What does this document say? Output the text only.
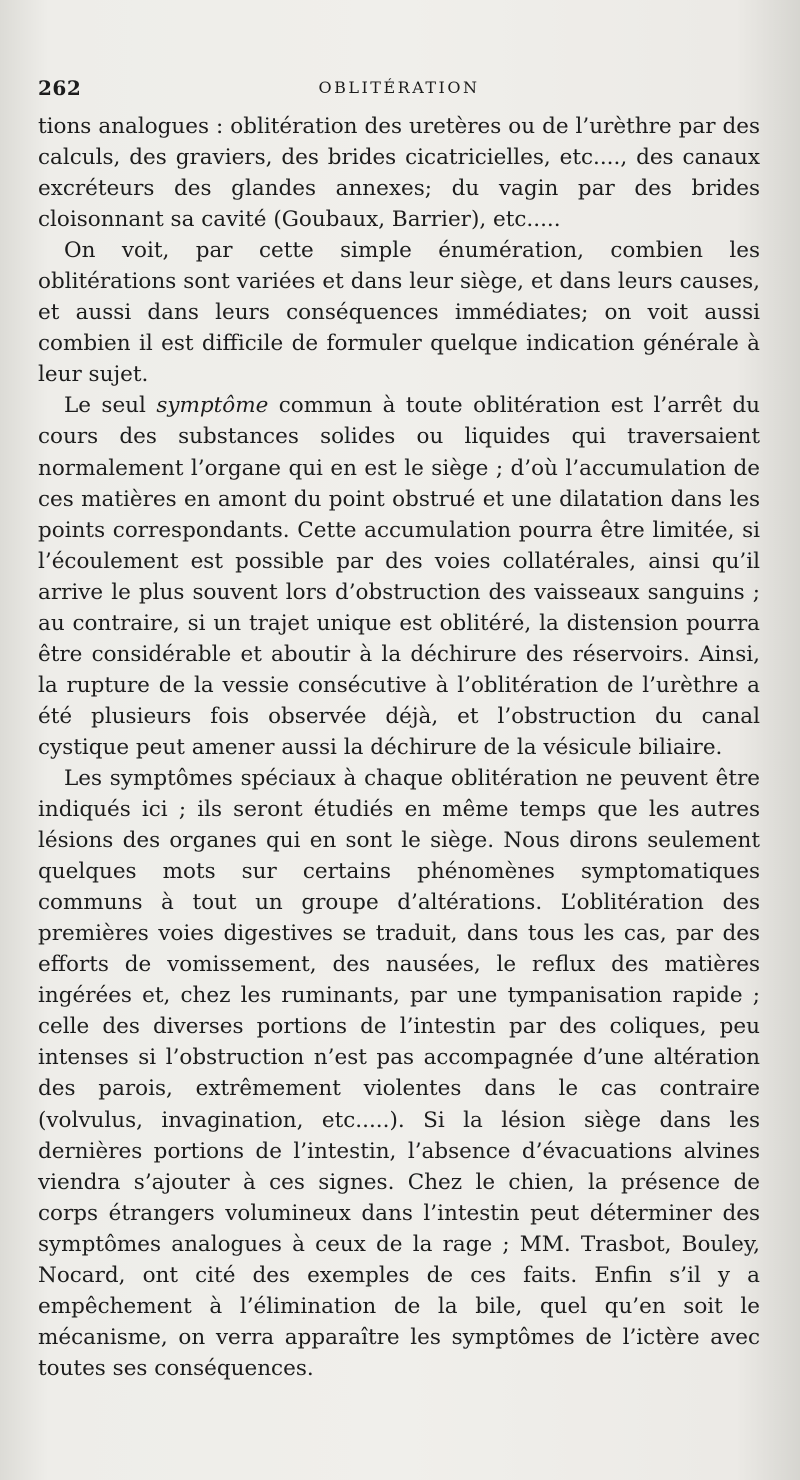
262	OBLITÉRATION

tions analogues : oblitération des uretères ou de l’urèthre par des calculs, des graviers, des brides cicatricielles, etc...., des canaux excréteurs des glandes annexes; du vagin par des brides cloisonnant sa cavité (Goubaux, Barrier), etc.....

On voit, par cette simple énumération, combien les oblitérations sont variées et dans leur siège, et dans leurs causes, et aussi dans leurs conséquences immédiates; on voit aussi combien il est difficile de formuler quelque indication générale à leur sujet.

Le seul symptôme commun à toute oblitération est l’arrêt du cours des substances solides ou liquides qui traversaient normalement l’organe qui en est le siège ; d’où l’accumulation de ces matières en amont du point obstrué et une dilatation dans les points correspondants. Cette accumulation pourra être limitée, si l’écoulement est possible par des voies collatérales, ainsi qu’il arrive le plus souvent lors d’obstruction des vaisseaux sanguins ; au contraire, si un trajet unique est oblitéré, la distension pourra être considérable et aboutir à la déchirure des réservoirs. Ainsi, la rupture de la vessie consécutive à l’oblitération de l’urèthre a été plusieurs fois observée déjà, et l’obstruction du canal cystique peut amener aussi la déchirure de la vésicule biliaire.

Les symptômes spéciaux à chaque oblitération ne peuvent être indiqués ici ; ils seront étudiés en même temps que les autres lésions des organes qui en sont le siège. Nous dirons seulement quelques mots sur certains phénomènes symptomatiques communs à tout un groupe d’altérations. L’oblitération des premières voies digestives se traduit, dans tous les cas, par des efforts de vomissement, des nausées, le reflux des matières ingérées et, chez les ruminants, par une tympanisation rapide ; celle des diverses portions de l’intestin par des coliques, peu intenses si l’obstruction n’est pas accompagnée d’une altération des parois, extrêmement violentes dans le cas contraire (volvulus, invagination, etc.....). Si la lésion siège dans les dernières portions de l’intestin, l’absence d’évacuations alvines viendra s’ajouter à ces signes. Chez le chien, la présence de corps étrangers volumineux dans l’intestin peut déterminer des symptômes analogues à ceux de la rage ; MM. Trasbot, Bouley, Nocard, ont cité des exemples de ces faits. Enfin s’il y a empêchement à l’élimination de la bile, quel qu’en soit le mécanisme, on verra apparaître les symptômes de l’ictère avec toutes ses conséquences.
